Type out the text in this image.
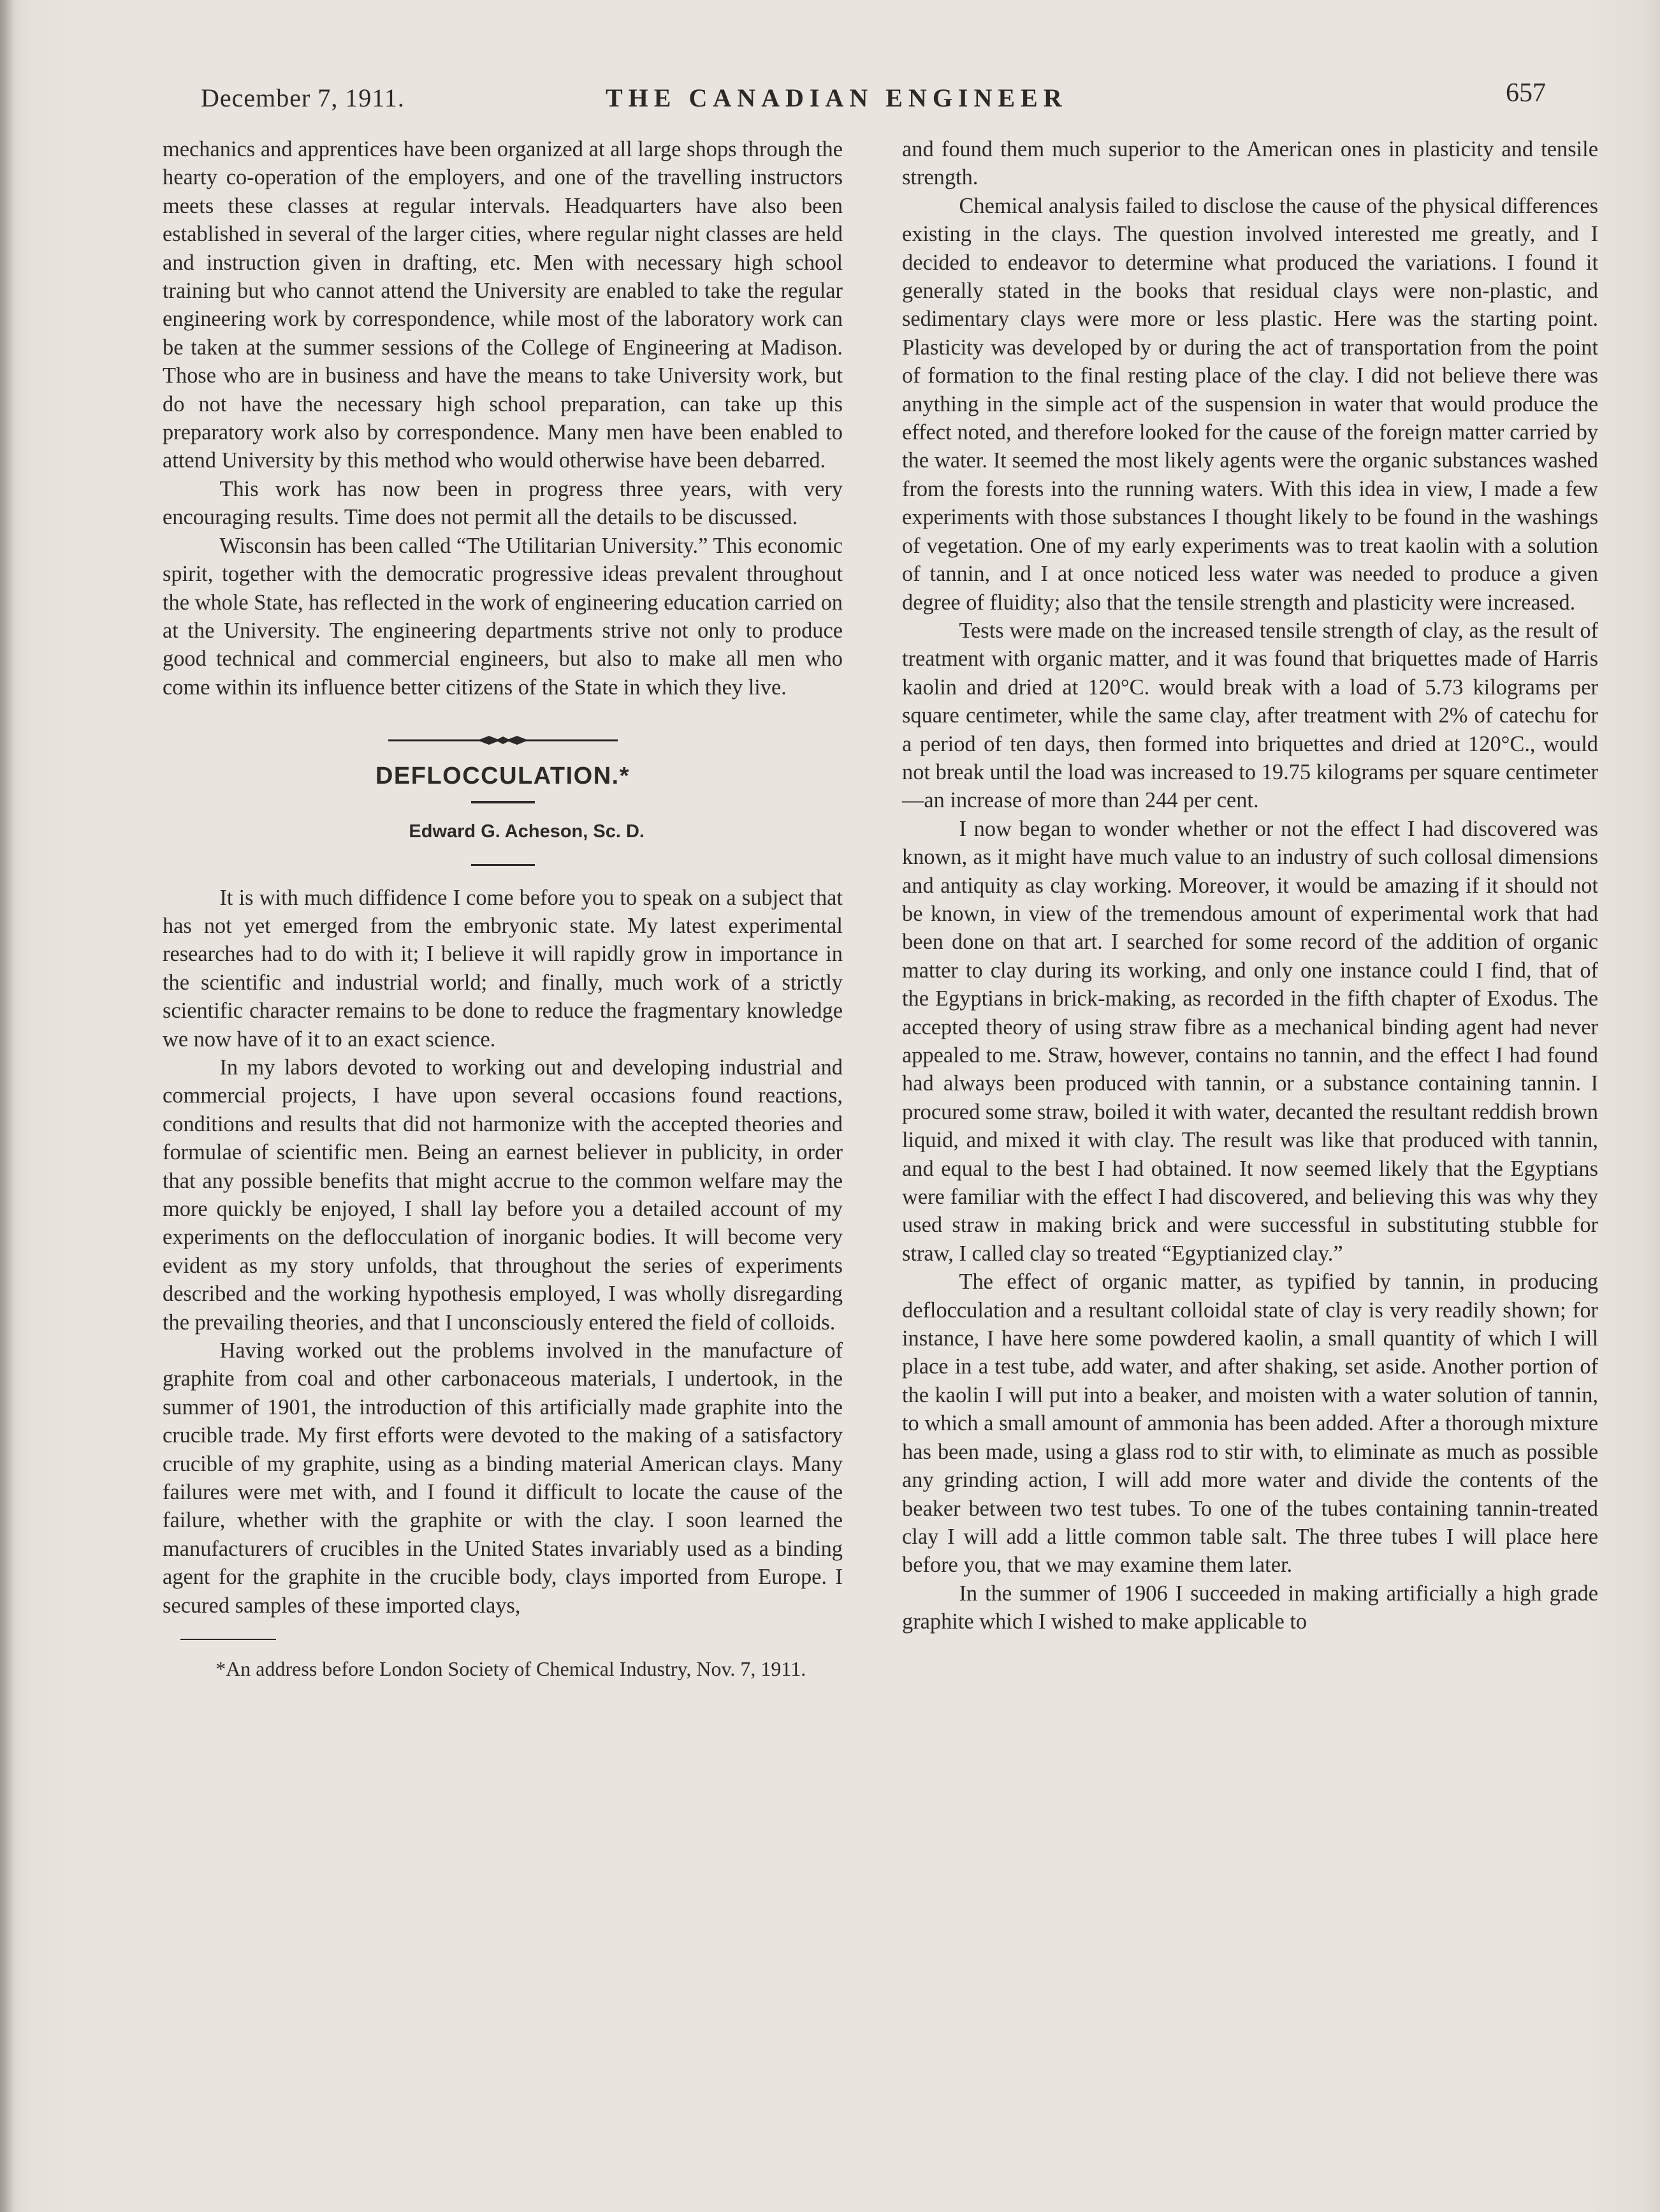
December 7, 1911.	THE CANADIAN ENGINEER	657

mechanics and apprentices have been organized at all large shops through the hearty co-operation of the employers, and one of the travelling instructors meets these classes at regular intervals. Headquarters have also been established in several of the larger cities, where regular night classes are held and instruction given in drafting, etc. Men with necessary high school training but who cannot attend the University are enabled to take the regular engineering work by correspondence, while most of the laboratory work can be taken at the summer sessions of the College of Engineering at Madison. Those who are in business and have the means to take University work, but do not have the necessary high school preparation, can take up this preparatory work also by correspondence. Many men have been enabled to attend University by this method who would otherwise have been debarred.

This work has now been in progress three years, with very encouraging results. Time does not permit all the details to be discussed.

Wisconsin has been called “The Utilitarian University.” This economic spirit, together with the democratic progressive ideas prevalent throughout the whole State, has reflected in the work of engineering education carried on at the University. The engineering departments strive not only to produce good technical and commercial engineers, but also to make all men who come within its influence better citizens of the State in which they live.

DEFLOCCULATION.*

Edward G. Acheson, Sc. D.

It is with much diffidence I come before you to speak on a subject that has not yet emerged from the embryonic state. My latest experimental researches had to do with it; I believe it will rapidly grow in importance in the scientific and industrial world; and finally, much work of a strictly scientific character remains to be done to reduce the fragmentary knowledge we now have of it to an exact science.

In my labors devoted to working out and developing industrial and commercial projects, I have upon several occasions found reactions, conditions and results that did not harmonize with the accepted theories and formulae of scientific men. Being an earnest believer in publicity, in order that any possible benefits that might accrue to the common welfare may the more quickly be enjoyed, I shall lay before you a detailed account of my experiments on the deflocculation of inorganic bodies. It will become very evident as my story unfolds, that throughout the series of experiments described and the working hypothesis employed, I was wholly disregarding the prevailing theories, and that I unconsciously entered the field of colloids.

Having worked out the problems involved in the manufacture of graphite from coal and other carbonaceous materials, I undertook, in the summer of 1901, the introduction of this artificially made graphite into the crucible trade. My first efforts were devoted to the making of a satisfactory crucible of my graphite, using as a binding material American clays. Many failures were met with, and I found it difficult to locate the cause of the failure, whether with the graphite or with the clay. I soon learned the manufacturers of crucibles in the United States invariably used as a binding agent for the graphite in the crucible body, clays imported from Europe. I secured samples of these imported clays,

*An address before London Society of Chemical Industry, Nov. 7, 1911.

and found them much superior to the American ones in plasticity and tensile strength.

Chemical analysis failed to disclose the cause of the physical differences existing in the clays. The question involved interested me greatly, and I decided to endeavor to determine what produced the variations. I found it generally stated in the books that residual clays were non-plastic, and sedimentary clays were more or less plastic. Here was the starting point. Plasticity was developed by or during the act of transportation from the point of formation to the final resting place of the clay. I did not believe there was anything in the simple act of the suspension in water that would produce the effect noted, and therefore looked for the cause of the foreign matter carried by the water. It seemed the most likely agents were the organic substances washed from the forests into the running waters. With this idea in view, I made a few experiments with those substances I thought likely to be found in the washings of vegetation. One of my early experiments was to treat kaolin with a solution of tannin, and I at once noticed less water was needed to produce a given degree of fluidity; also that the tensile strength and plasticity were increased.

Tests were made on the increased tensile strength of clay, as the result of treatment with organic matter, and it was found that briquettes made of Harris kaolin and dried at 120°C. would break with a load of 5.73 kilograms per square centimeter, while the same clay, after treatment with 2% of catechu for a period of ten days, then formed into briquettes and dried at 120°C., would not break until the load was increased to 19.75 kilograms per square centimeter—an increase of more than 244 per cent.

I now began to wonder whether or not the effect I had discovered was known, as it might have much value to an industry of such collosal dimensions and antiquity as clay working. Moreover, it would be amazing if it should not be known, in view of the tremendous amount of experimental work that had been done on that art. I searched for some record of the addition of organic matter to clay during its working, and only one instance could I find, that of the Egyptians in brick-making, as recorded in the fifth chapter of Exodus. The accepted theory of using straw fibre as a mechanical binding agent had never appealed to me. Straw, however, contains no tannin, and the effect I had found had always been produced with tannin, or a substance containing tannin. I procured some straw, boiled it with water, decanted the resultant reddish brown liquid, and mixed it with clay. The result was like that produced with tannin, and equal to the best I had obtained. It now seemed likely that the Egyptians were familiar with the effect I had discovered, and believing this was why they used straw in making brick and were successful in substituting stubble for straw, I called clay so treated “Egyptianized clay.”

The effect of organic matter, as typified by tannin, in producing deflocculation and a resultant colloidal state of clay is very readily shown; for instance, I have here some powdered kaolin, a small quantity of which I will place in a test tube, add water, and after shaking, set aside. Another portion of the kaolin I will put into a beaker, and moisten with a water solution of tannin, to which a small amount of ammonia has been added. After a thorough mixture has been made, using a glass rod to stir with, to eliminate as much as possible any grinding action, I will add more water and divide the contents of the beaker between two test tubes. To one of the tubes containing tannin-treated clay I will add a little common table salt. The three tubes I will place here before you, that we may examine them later.

In the summer of 1906 I succeeded in making artificially a high grade graphite which I wished to make applicable to
